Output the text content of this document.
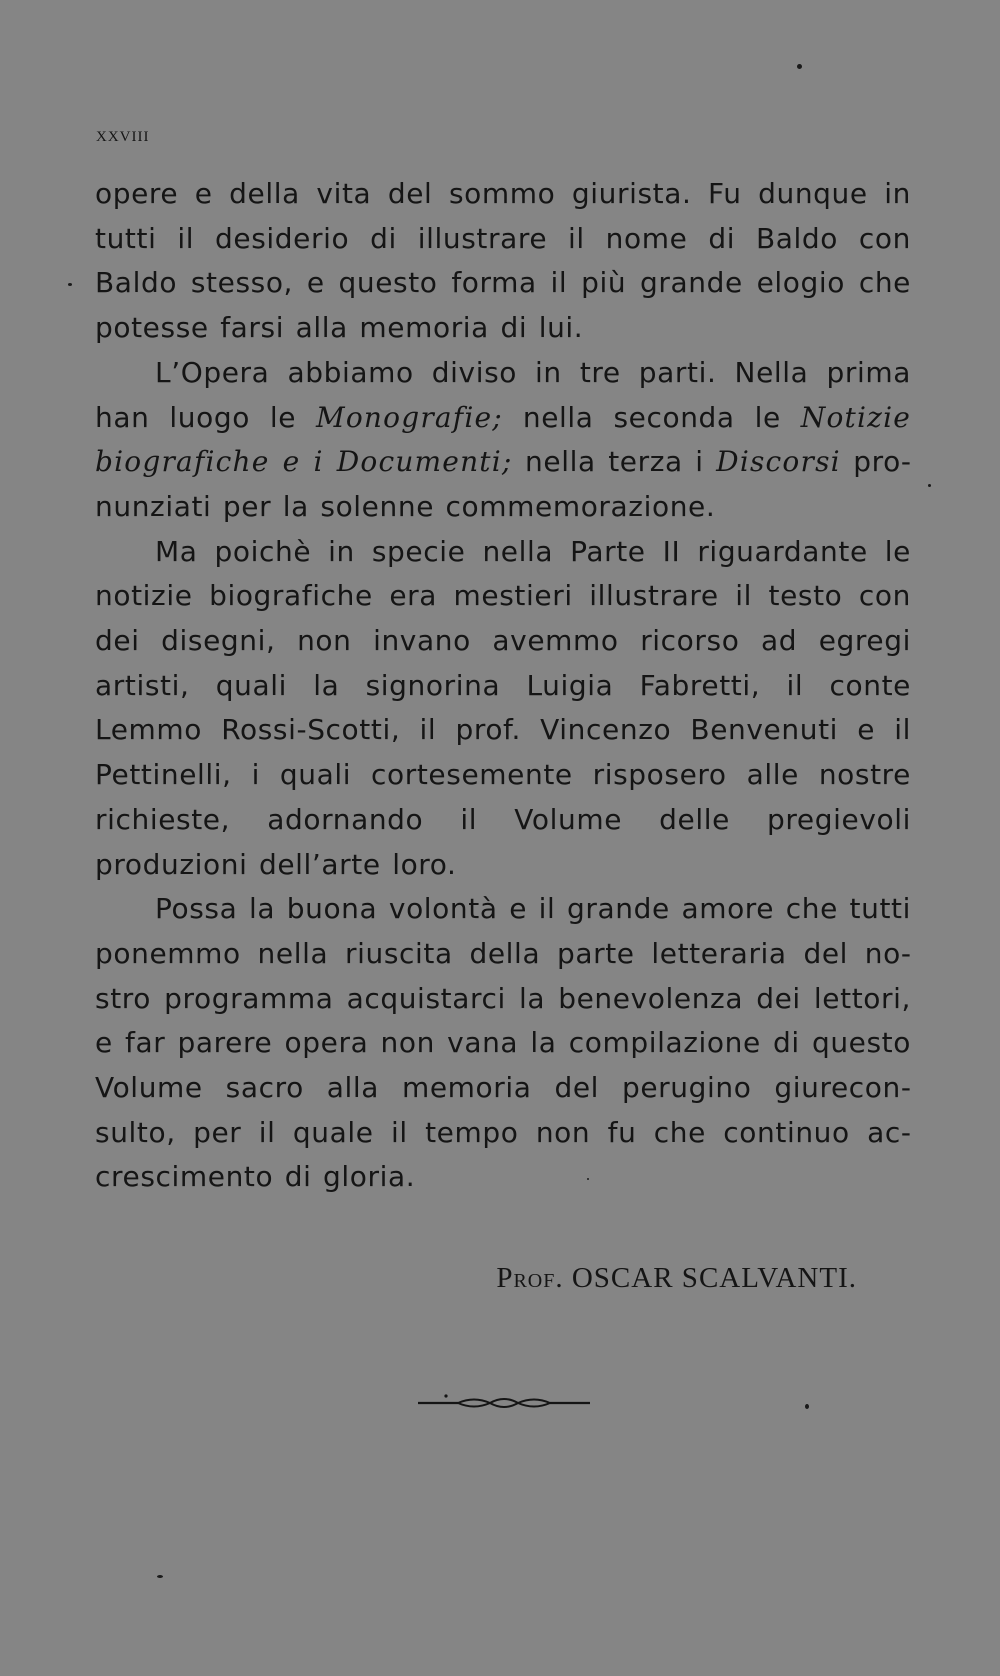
xxviii

opere e della vita del sommo giurista. Fu dunque in tutti il desiderio di illustrare il nome di Baldo con Baldo stesso, e questo forma il più grande elogio che potesse farsi alla memoria di lui.

L’Opera abbiamo diviso in tre parti. Nella prima han luogo le Monografie; nella seconda le Notizie biografiche e i Documenti; nella terza i Discorsi pronunziati per la solenne commemorazione.

Ma poichè in specie nella Parte II riguardante le notizie biografiche era mestieri illustrare il testo con dei disegni, non invano avemmo ricorso ad egregi artisti, quali la signorina Luigia Fabretti, il conte Lemmo Rossi-Scotti, il prof. Vincenzo Benvenuti e il Pettinelli, i quali cortesemente risposero alle nostre richieste, adornando il Volume delle pregievoli produzioni dell’arte loro.

Possa la buona volontà e il grande amore che tutti ponemmo nella riuscita della parte letteraria del nostro programma acquistarci la benevolenza dei lettori, e far parere opera non vana la compilazione di questo Volume sacro alla memoria del perugino giureconsulto, per il quale il tempo non fu che continuo accrescimento di gloria.

Prof. OSCAR SCALVANTI.
